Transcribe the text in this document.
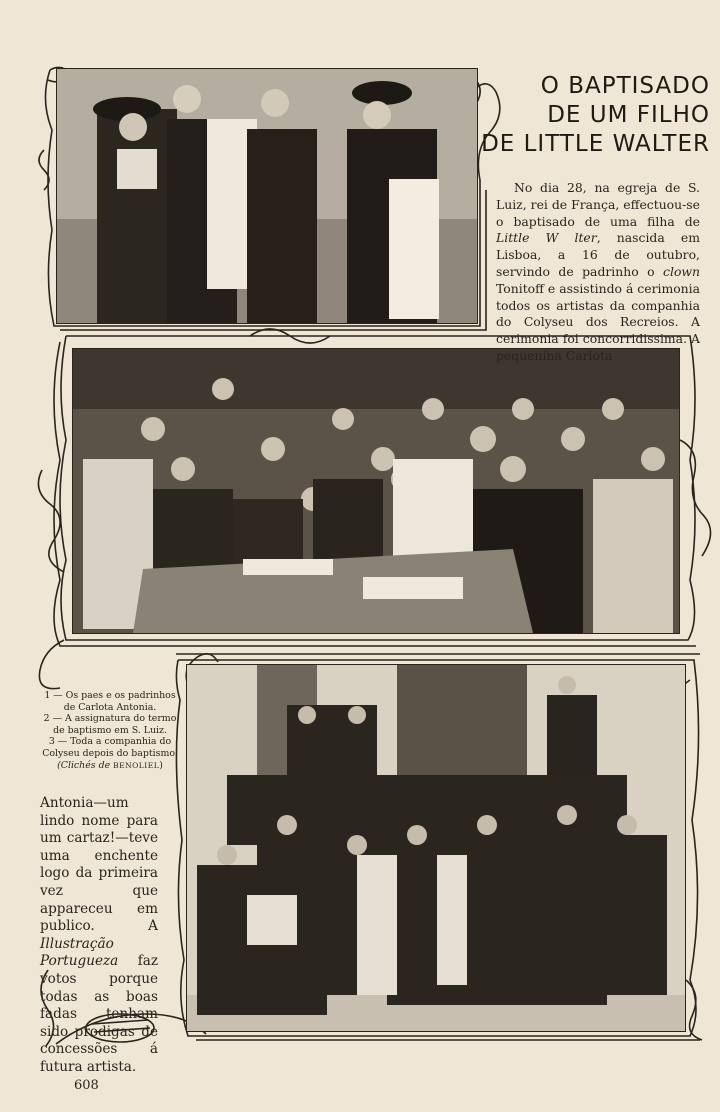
O BAPTISADO
DE UM FILHO
DE LITTLE WALTER
No dia 28, na egreja de S. Luiz, rei de França, effectuou-se o baptisado de uma filha de Little W lter, nascida em Lisboa, a 16 de outubro, servindo de padrinho o clown Tonitoff e assistindo á cerimonia todos os artistas da companhia do Colyseu dos Recreios. A cerimonia foi concorridissima. A pequenina Carlota
1 — Os paes e os padrinhos de Carlota Antonia.
2 — A assignatura do termo de baptismo em S. Luiz.
3 — Toda a companhia do Colyseu depois do baptismo.
(Clichés de BENOLIEL)
Antonia—um lindo nome para um cartaz!—teve uma enchente logo da primeira vez que appareceu em publico. A Illustração Portugueza faz votos porque todas as boas fadas tenham sido prodigas de concessões á futura artista.
608
